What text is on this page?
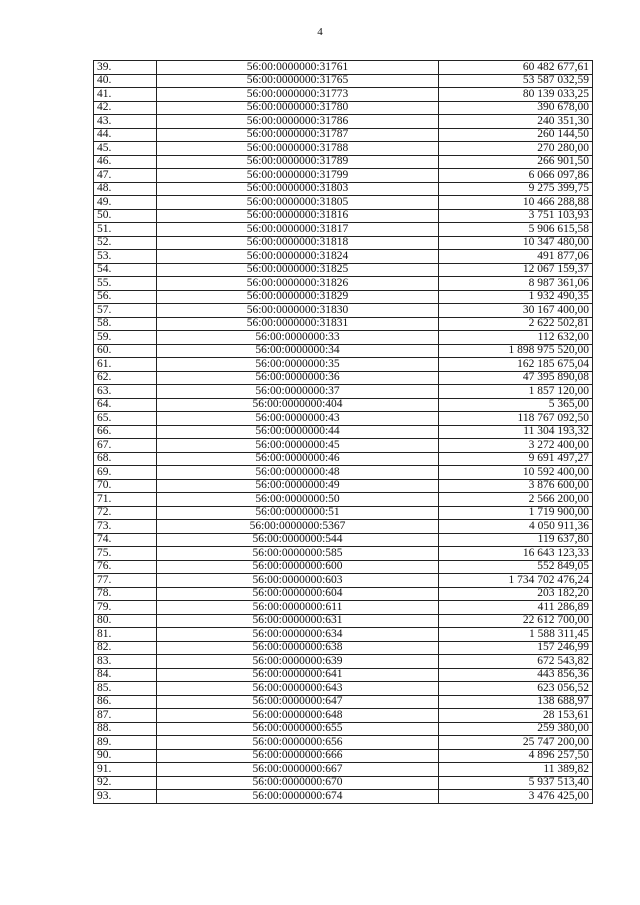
4
39.	56:00:0000000:31761	60 482 677,61
40.	56:00:0000000:31765	53 587 032,59
41.	56:00:0000000:31773	80 139 033,25
42.	56:00:0000000:31780	390 678,00
43.	56:00:0000000:31786	240 351,30
44.	56:00:0000000:31787	260 144,50
45.	56:00:0000000:31788	270 280,00
46.	56:00:0000000:31789	266 901,50
47.	56:00:0000000:31799	6 066 097,86
48.	56:00:0000000:31803	9 275 399,75
49.	56:00:0000000:31805	10 466 288,88
50.	56:00:0000000:31816	3 751 103,93
51.	56:00:0000000:31817	5 906 615,58
52.	56:00:0000000:31818	10 347 480,00
53.	56:00:0000000:31824	491 877,06
54.	56:00:0000000:31825	12 067 159,37
55.	56:00:0000000:31826	8 987 361,06
56.	56:00:0000000:31829	1 932 490,35
57.	56:00:0000000:31830	30 167 400,00
58.	56:00:0000000:31831	2 622 502,81
59.	56:00:0000000:33	112 632,00
60.	56:00:0000000:34	1 898 975 520,00
61.	56:00:0000000:35	162 185 675,04
62.	56:00:0000000:36	47 395 890,08
63.	56:00:0000000:37	1 857 120,00
64.	56:00:0000000:404	5 365,00
65.	56:00:0000000:43	118 767 092,50
66.	56:00:0000000:44	11 304 193,32
67.	56:00:0000000:45	3 272 400,00
68.	56:00:0000000:46	9 691 497,27
69.	56:00:0000000:48	10 592 400,00
70.	56:00:0000000:49	3 876 600,00
71.	56:00:0000000:50	2 566 200,00
72.	56:00:0000000:51	1 719 900,00
73.	56:00:0000000:5367	4 050 911,36
74.	56:00:0000000:544	119 637,80
75.	56:00:0000000:585	16 643 123,33
76.	56:00:0000000:600	552 849,05
77.	56:00:0000000:603	1 734 702 476,24
78.	56:00:0000000:604	203 182,20
79.	56:00:0000000:611	411 286,89
80.	56:00:0000000:631	22 612 700,00
81.	56:00:0000000:634	1 588 311,45
82.	56:00:0000000:638	157 246,99
83.	56:00:0000000:639	672 543,82
84.	56:00:0000000:641	443 856,36
85.	56:00:0000000:643	623 056,52
86.	56:00:0000000:647	138 688,97
87.	56:00:0000000:648	28 153,61
88.	56:00:0000000:655	259 380,00
89.	56:00:0000000:656	25 747 200,00
90.	56:00:0000000:666	4 896 257,50
91.	56:00:0000000:667	11 389,82
92.	56:00:0000000:670	5 937 513,40
93.	56:00:0000000:674	3 476 425,00
